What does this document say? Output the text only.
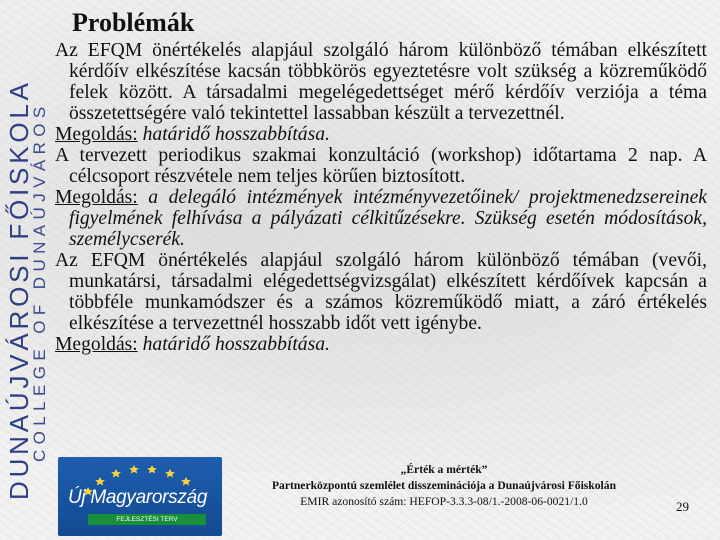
DUNAÚJVÁROSI FŐISKOLA
COLLEGE OF DUNAÚJVÁROS
Problémák

Az EFQM önértékelés alapjául szolgáló három különböző témában elkészített kérdőív elkészítése kacsán többkörös egyeztetésre volt szükség a közreműködő felek között. A társadalmi megelégedettséget mérő kérdőív verziója a téma összetettségére való tekintettel lassabban készült a tervezettnél.

Megoldás: határidő hosszabbítása.

A tervezett periodikus szakmai konzultáció (workshop) időtartama 2 nap. A célcsoport részvétele nem teljes körűen biztosított.

Megoldás: a delegáló intézmények intézményvezetőinek/ projektmenedzsereinek figyelmének felhívása a pályázati célkitűzésekre. Szükség esetén módosítások, személycserék.

Az EFQM önértékelés alapjául szolgáló három különböző témában (vevői, munkatársi, társadalmi elégedettségvizsgálat) elkészített kérdőívek kapcsán a többféle munkamódszer és a számos közreműködő miatt, a záró értékelés elkészítése a tervezettnél hosszabb időt vett igénybe.

Megoldás: határidő hosszabbítása.

Új Magyarország
FEJLESZTÉSI TERV
„Érték a mérték”
Partnerközpontú szemlélet disszeminációja a Dunaújvárosi Főiskolán
EMIR azonosító szám: HEFOP-3.3.3-08/1.-2008-06-0021/1.0	29
